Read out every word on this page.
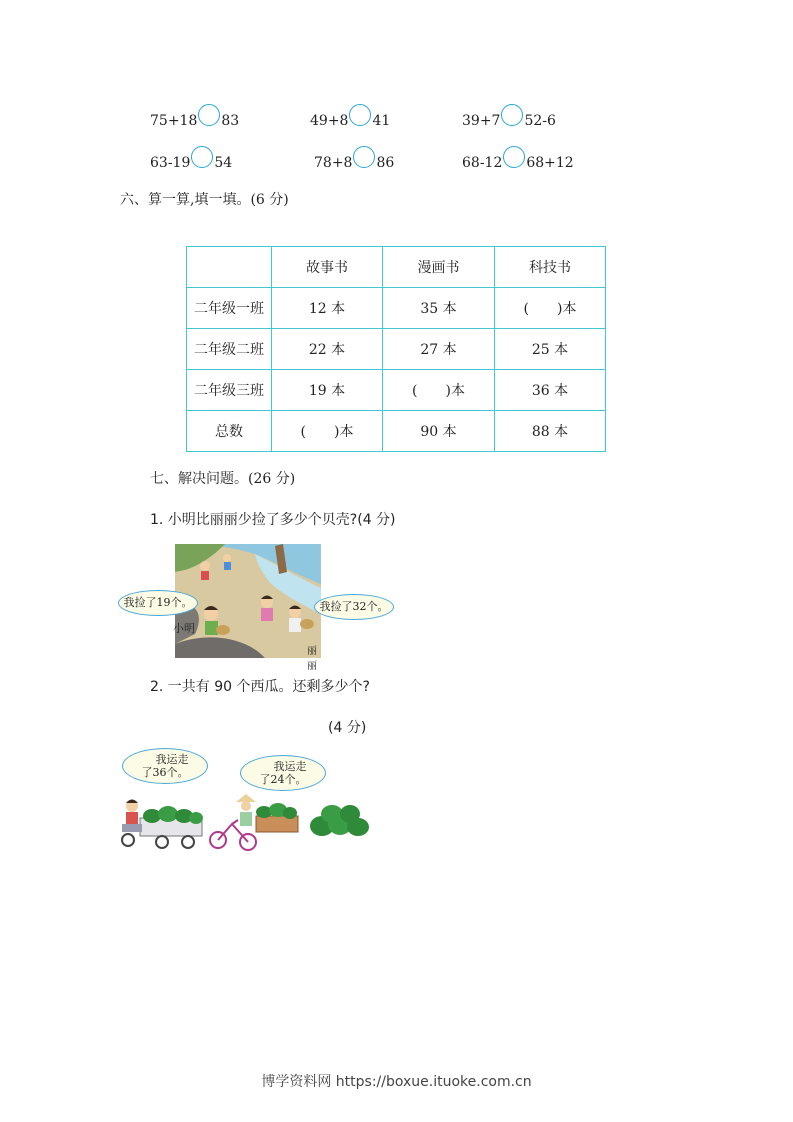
75+18 83	49+8 41	39+7 52-6
63-19 54	78+8 86	68-12 68+12
六、算一算,填一填。(6 分)
	故事书	漫画书	科技书
二年级一班	12 本	35 本	(　　)本
二年级二班	22 本	27 本	25 本
二年级三班	19 本	(　　)本	36 本
总数	(　　)本	90 本	88 本
七、解决问题。(26 分)
1. 小明比丽丽少捡了多少个贝壳?(4 分)
小明
丽丽
我捡了19个。	我捡了32个。
2. 一共有 90 个西瓜。还剩多少个?
(4 分)
我运走
了36个。	我运走
了24个。
博学资料网 https://boxue.ituoke.com.cn
